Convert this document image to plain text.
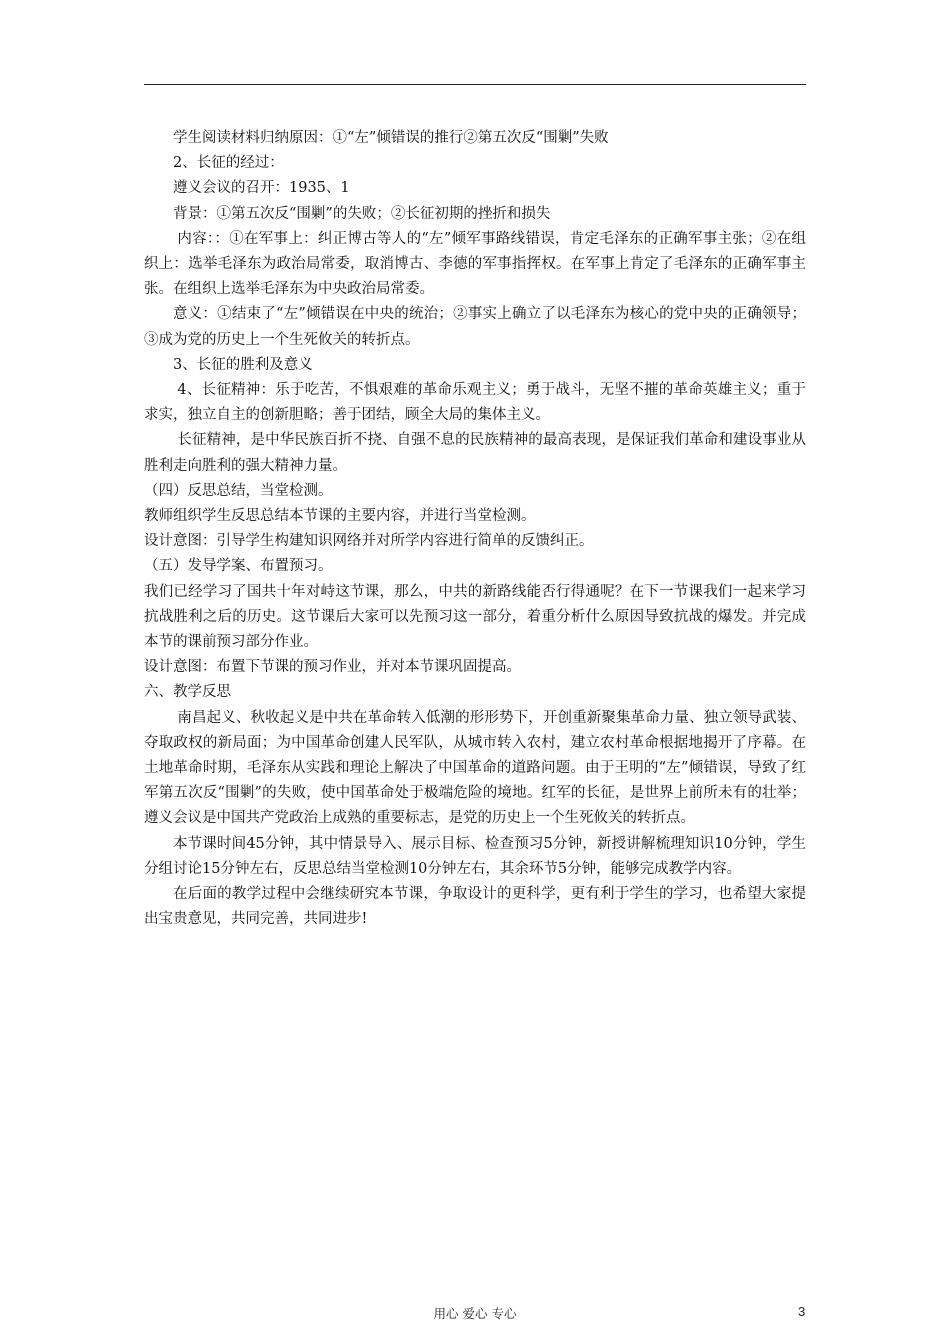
学生阅读材料归纳原因：①“左”倾错误的推行②第五次反“围剿”失败

2、长征的经过：

遵义会议的召开：1935、1

背景：①第五次反“围剿”的失败；②长征初期的挫折和损失

内容：：①在军事上：纠正博古等人的“左”倾军事路线错误，肯定毛泽东的正确军事主张；②在组织上：选举毛泽东为政治局常委，取消博古、李德的军事指挥权。在军事上肯定了毛泽东的正确军事主张。在组织上选举毛泽东为中央政治局常委。

意义：①结束了“左”倾错误在中央的统治；②事实上确立了以毛泽东为核心的党中央的正确领导；③成为党的历史上一个生死攸关的转折点。

3、长征的胜利及意义

4、长征精神：乐于吃苦，不惧艰难的革命乐观主义；勇于战斗，无坚不摧的革命英雄主义；重于求实，独立自主的创新胆略；善于团结，顾全大局的集体主义。

长征精神，是中华民族百折不挠、自强不息的民族精神的最高表现，是保证我们革命和建设事业从胜利走向胜利的强大精神力量。

（四）反思总结，当堂检测。

教师组织学生反思总结本节课的主要内容，并进行当堂检测。

设计意图：引导学生构建知识网络并对所学内容进行简单的反馈纠正。

（五）发导学案、布置预习。

我们已经学习了国共十年对峙这节课，那么，中共的新路线能否行得通呢？在下一节课我们一起来学习抗战胜利之后的历史。这节课后大家可以先预习这一部分，着重分析什么原因导致抗战的爆发。并完成本节的课前预习部分作业。

设计意图：布置下节课的预习作业，并对本节课巩固提高。

六、教学反思

南昌起义、秋收起义是中共在革命转入低潮的形形势下，开创重新聚集革命力量、独立领导武装、夺取政权的新局面；为中国革命创建人民军队，从城市转入农村，建立农村革命根据地揭开了序幕。在土地革命时期，毛泽东从实践和理论上解决了中国革命的道路问题。由于王明的“左”倾错误，导致了红军第五次反“围剿”的失败，使中国革命处于极端危险的境地。红军的长征，是世界上前所未有的壮举；遵义会议是中国共产党政治上成熟的重要标志，是党的历史上一个生死攸关的转折点。

本节课时间45分钟，其中情景导入、展示目标、检查预习5分钟，新授讲解梳理知识10分钟，学生分组讨论15分钟左右，反思总结当堂检测10分钟左右，其余环节5分钟，能够完成教学内容。

在后面的教学过程中会继续研究本节课，争取设计的更科学，更有利于学生的学习，也希望大家提出宝贵意见，共同完善，共同进步!

用心 爱心 专心	3
